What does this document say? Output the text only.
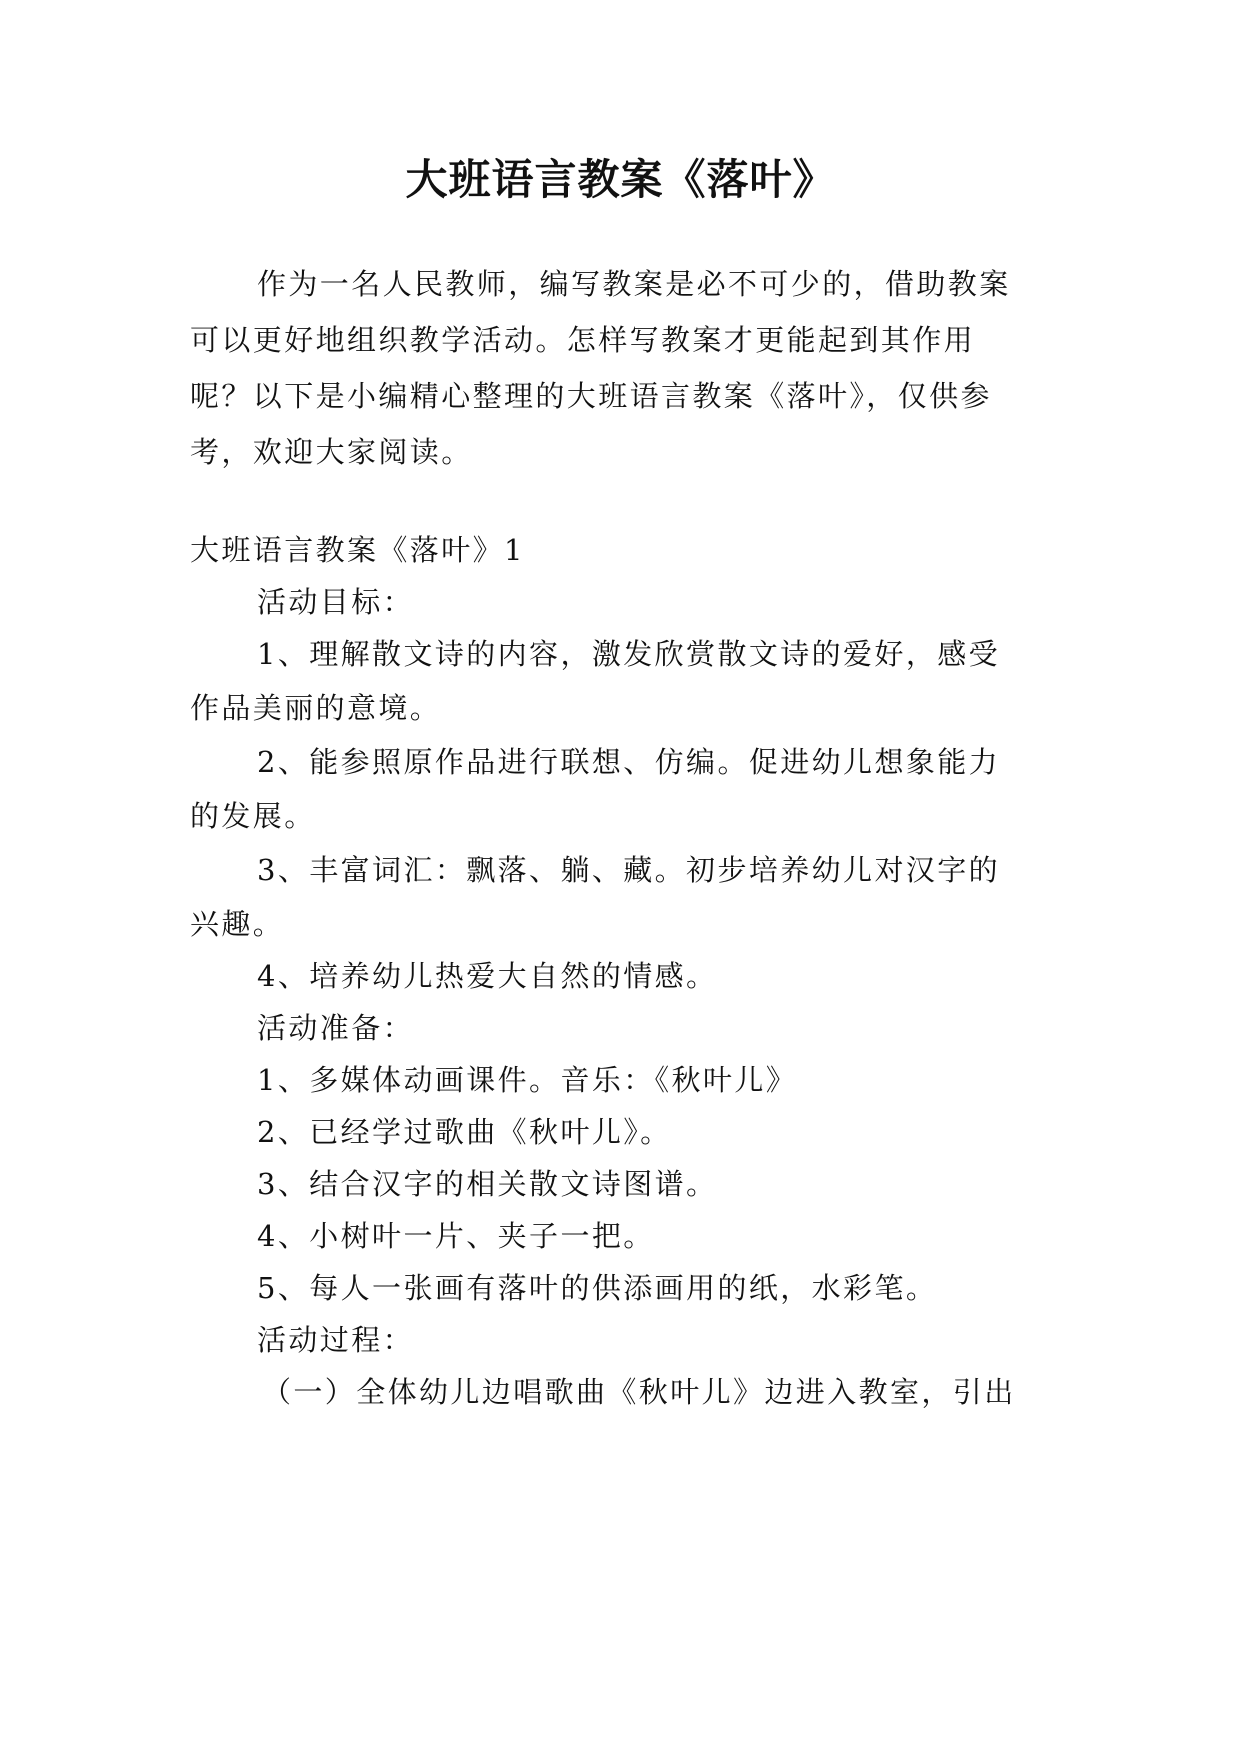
大班语言教案《落叶》
作为一名人民教师，编写教案是必不可少的，借助教案
可以更好地组织教学活动。怎样写教案才更能起到其作用
呢？以下是小编精心整理的大班语言教案《落叶》，仅供参
考，欢迎大家阅读。
大班语言教案《落叶》1
活动目标：
1、理解散文诗的内容，激发欣赏散文诗的爱好，感受
作品美丽的意境。
2、能参照原作品进行联想、仿编。促进幼儿想象能力
的发展。
3、丰富词汇：飘落、躺、藏。初步培养幼儿对汉字的
兴趣。
4、培养幼儿热爱大自然的情感。
活动准备：
1、多媒体动画课件。音乐：《秋叶儿》
2、已经学过歌曲《秋叶儿》。
3、结合汉字的相关散文诗图谱。
4、小树叶一片、夹子一把。
5、每人一张画有落叶的供添画用的纸，水彩笔。
活动过程：
（一）全体幼儿边唱歌曲《秋叶儿》边进入教室，引出
